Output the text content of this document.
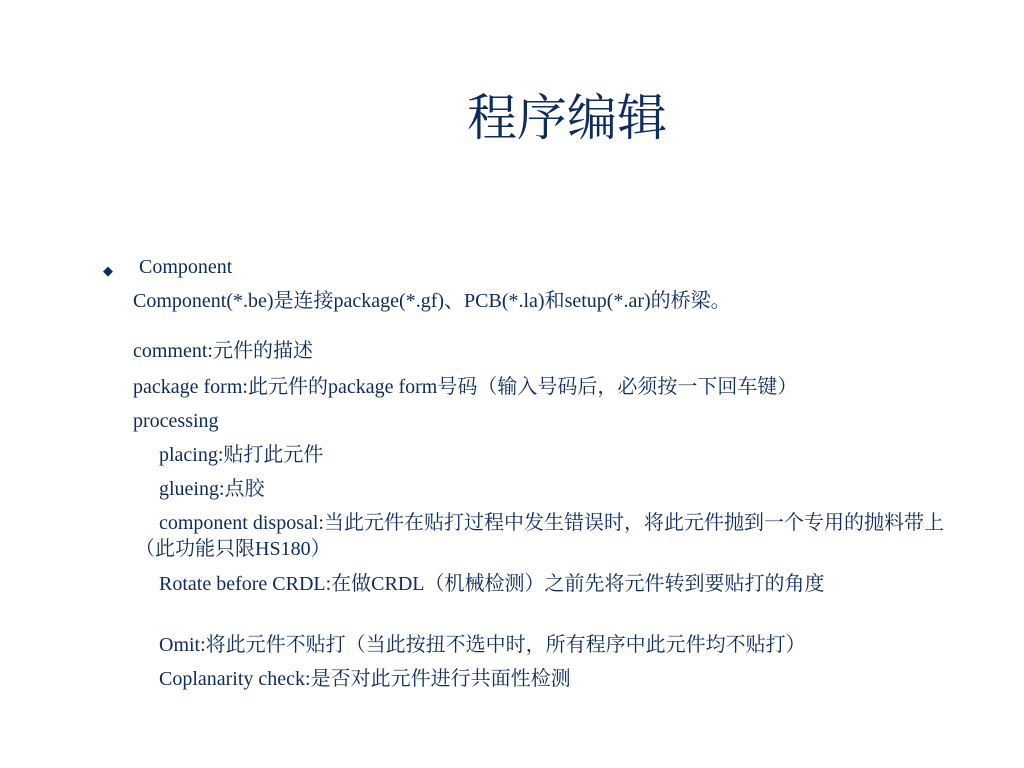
程序编辑
◆ Component
Component(*.be)是连接package(*.gf)、PCB(*.la)和setup(*.ar)的桥梁。
comment:元件的描述
package form:此元件的package form号码（输入号码后，必须按一下回车键）
processing
placing:贴打此元件
glueing:点胶
component disposal:当此元件在贴打过程中发生错误时，将此元件抛到一个专用的抛料带上（此功能只限HS180）
Rotate before CRDL:在做CRDL（机械检测）之前先将元件转到要贴打的角度
Omit:将此元件不贴打（当此按扭不选中时，所有程序中此元件均不贴打）
Coplanarity check:是否对此元件进行共面性检测
